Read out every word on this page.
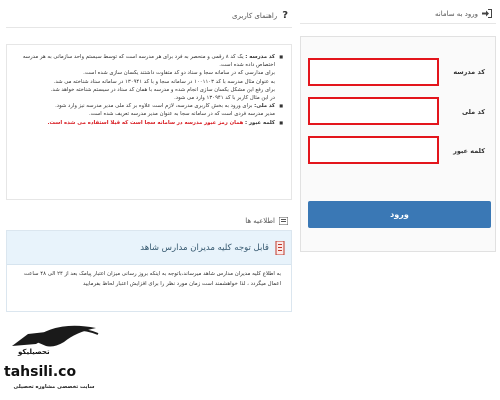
ورود به سامانه
کد مدرسه
کد ملی
کلمه عبور
ورود
?
راهنمای کاربری
■ کد مدرسه : یک کد ۸ رقمی و منحصر به فرد برای هر مدرسه است که توسط سیستم واحد سازمانی به هر مدرسه اختصاص داده شده است.
برای مدارسی که در سامانه سجا و سناد دو کد متفاوت داشتند یکسان سازی شده است.
به عنوان مثال مدرسه با کد ۱۰۰۱۱۰۳ در سامانه سجا و با کد ۱۳۰۹۴۱ در سامانه سناد شناخته می شد.
برای رفع این مشکل یکسان سازی انجام شده و مدرسه با همان کد سناد در سیستم شناخته خواهد شد.
در این مثال کاربر با کد ۱۳۰۹۴۱ وارد می شود.
■ کد ملی: برای ورود به بخش کاربری مدرسه، لازم است علاوه بر کد ملی مدیر مدرسه نیز وارد شود.
مدیر مدرسه فردی است که در سامانه سجا به عنوان مدیر مدرسه تعریف شده است.
■ کلمه عبور : همان رمز عبور مدرسه در سامانه سجا است که قبلا استفاده می شده است.
اطلاعیه ها
قابل توجه کلیه مدیران مدارس شاهد
به اطلاع کلیه مدیران مدارس شاهد میرساند،باتوجه به اینکه بروز رسانی میزان اعتبار پیامک بعد از ۲۴ الی ۴۸ ساعت اعمال میگردد ، لذا خواهشمند است زمان مورد نظر را برای افزایش اعتبار لحاظ بفرمایید
تحصیلیکو
tahsili.co
سایت تخصصی مشاوره تحصیلی
